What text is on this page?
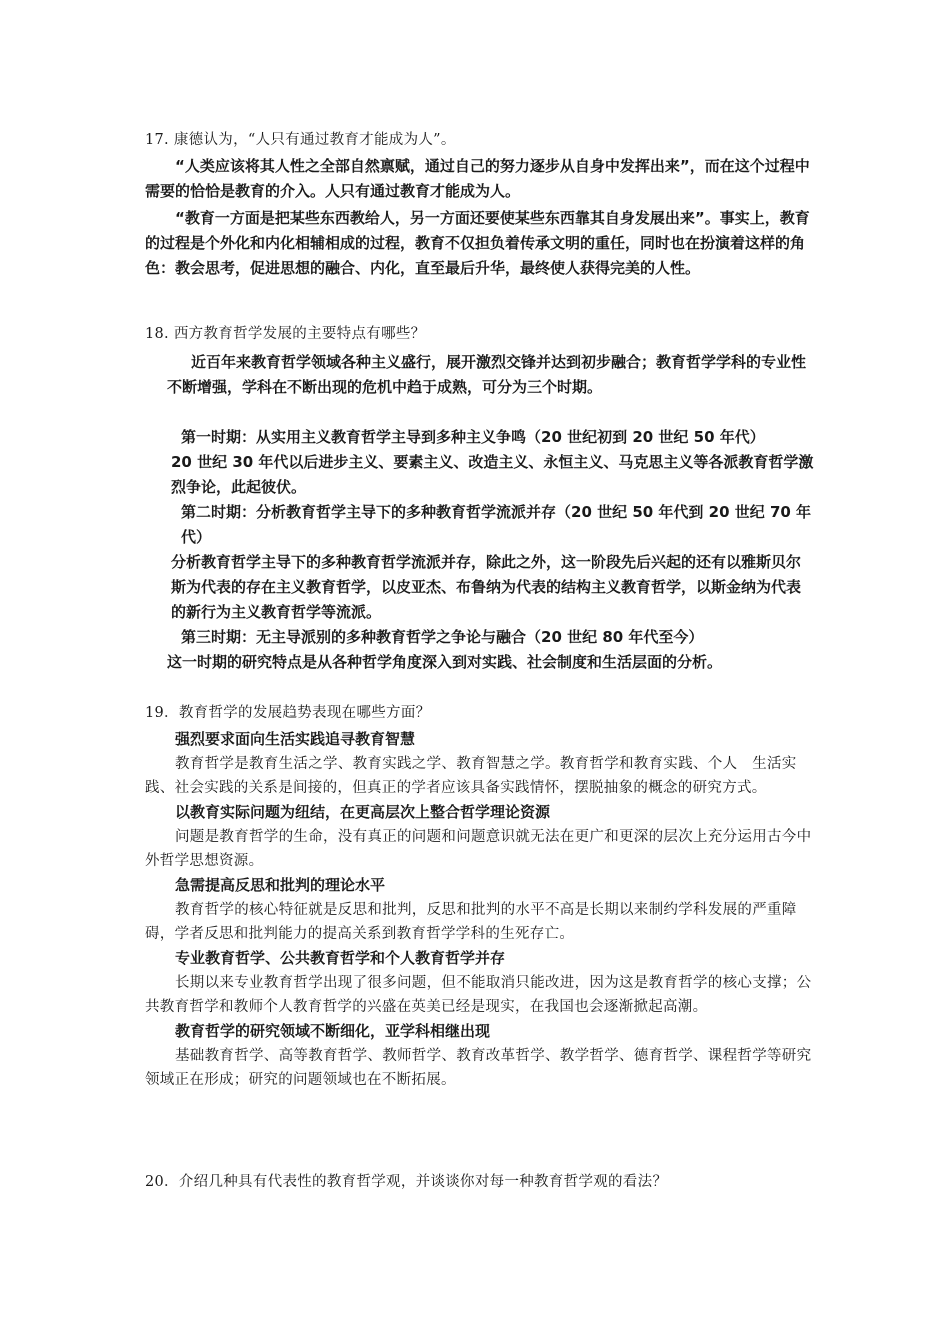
17. 康德认为，“人只有通过教育才能成为人”。

“人类应该将其人性之全部自然禀赋，通过自己的努力逐步从自身中发挥出来”，而在这个过程中需要的恰恰是教育的介入。人只有通过教育才能成为人。

“教育一方面是把某些东西教给人，另一方面还要使某些东西靠其自身发展出来”。事实上，教育的过程是个外化和内化相辅相成的过程，教育不仅担负着传承文明的重任，同时也在扮演着这样的角色：教会思考，促进思想的融合、内化，直至最后升华，最终使人获得完美的人性。

18. 西方教育哲学发展的主要特点有哪些？

近百年来教育哲学领域各种主义盛行，展开激烈交锋并达到初步融合；教育哲学学科的专业性不断增强，学科在不断出现的危机中趋于成熟，可分为三个时期。

第一时期：从实用主义教育哲学主导到多种主义争鸣（20 世纪初到 20 世纪 50 年代）

20 世纪 30 年代以后进步主义、要素主义、改造主义、永恒主义、马克思主义等各派教育哲学激烈争论，此起彼伏。

第二时期：分析教育哲学主导下的多种教育哲学流派并存（20 世纪 50 年代到 20 世纪 70 年代）

分析教育哲学主导下的多种教育哲学流派并存，除此之外，这一阶段先后兴起的还有以雅斯贝尔斯为代表的存在主义教育哲学，以皮亚杰、布鲁纳为代表的结构主义教育哲学，以斯金纳为代表的新行为主义教育哲学等流派。

第三时期：无主导派别的多种教育哲学之争论与融合（20 世纪 80 年代至今）

这一时期的研究特点是从各种哲学角度深入到对实践、社会制度和生活层面的分析。

19．教育哲学的发展趋势表现在哪些方面？

强烈要求面向生活实践追寻教育智慧

教育哲学是教育生活之学、教育实践之学、教育智慧之学。教育哲学和教育实践、个人　生活实践、社会实践的关系是间接的，但真正的学者应该具备实践情怀，摆脱抽象的概念的研究方式。

以教育实际问题为纽结，在更高层次上整合哲学理论资源

问题是教育哲学的生命，没有真正的问题和问题意识就无法在更广和更深的层次上充分运用古今中外哲学思想资源。

急需提高反思和批判的理论水平

教育哲学的核心特征就是反思和批判，反思和批判的水平不高是长期以来制约学科发展的严重障碍，学者反思和批判能力的提高关系到教育哲学学科的生死存亡。

专业教育哲学、公共教育哲学和个人教育哲学并存

长期以来专业教育哲学出现了很多问题，但不能取消只能改进，因为这是教育哲学的核心支撑；公共教育哲学和教师个人教育哲学的兴盛在英美已经是现实，在我国也会逐渐掀起高潮。

教育哲学的研究领域不断细化，亚学科相继出现

基础教育哲学、高等教育哲学、教师哲学、教育改革哲学、教学哲学、德育哲学、课程哲学等研究领域正在形成；研究的问题领域也在不断拓展。

20．介绍几种具有代表性的教育哲学观，并谈谈你对每一种教育哲学观的看法？
